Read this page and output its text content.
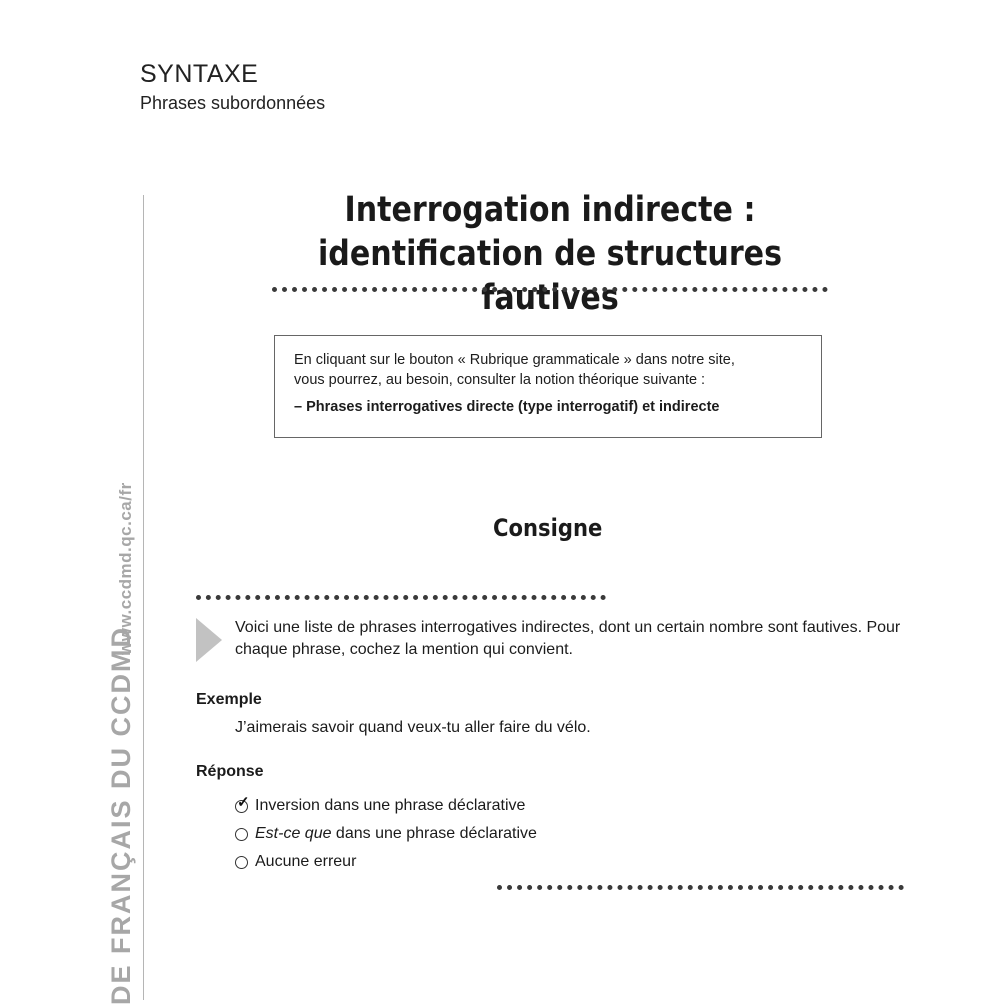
SYNTAXE
Phrases subordonnées
www.ccdmd.qc.ca/fr
DE FRANÇAIS DU CCDMD
Interrogation indirecte :
identification de structures fautives

En cliquant sur le bouton « Rubrique grammaticale » dans notre site,

vous pourrez, au besoin, consulter la notion théorique suivante :

– Phrases interrogatives directe (type interrogatif) et indirecte

Consigne
Voici une liste de phrases interrogatives indirectes, dont un certain nombre sont fautives. Pour chaque phrase, cochez la mention qui convient.
Exemple
J’aimerais savoir quand veux-tu aller faire du vélo.
Réponse
✓ Inversion dans une phrase déclarative
Est-ce que dans une phrase déclarative
Aucune erreur
